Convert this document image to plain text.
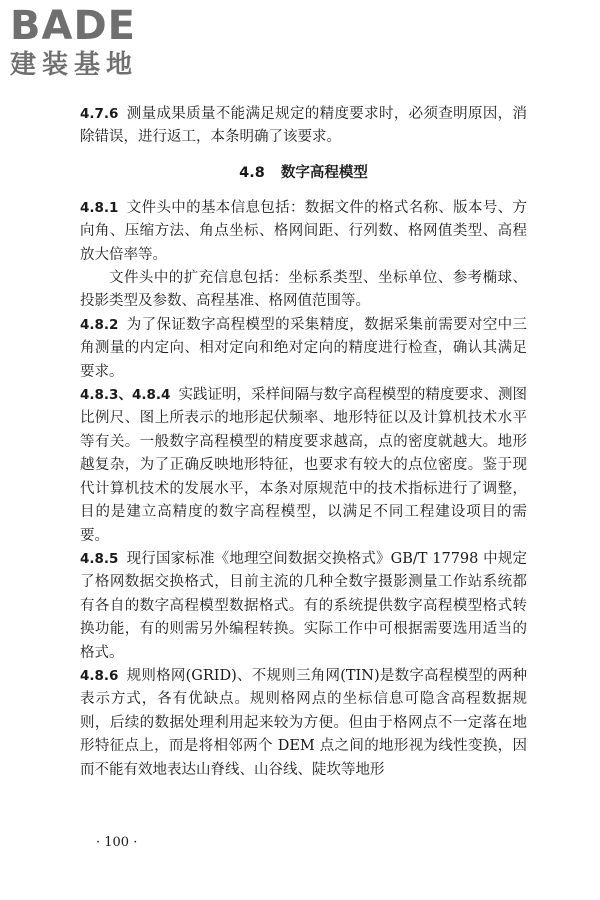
BADE
建装基地

4.7.6 测量成果质量不能满足规定的精度要求时，必须查明原因，消除错误，进行返工，本条明确了该要求。

4.8 数字高程模型

4.8.1 文件头中的基本信息包括：数据文件的格式名称、版本号、方向角、压缩方法、角点坐标、格网间距、行列数、格网值类型、高程放大倍率等。

文件头中的扩充信息包括：坐标系类型、坐标单位、参考椭球、投影类型及参数、高程基准、格网值范围等。

4.8.2 为了保证数字高程模型的采集精度，数据采集前需要对空中三角测量的内定向、相对定向和绝对定向的精度进行检查，确认其满足要求。

4.8.3、4.8.4 实践证明，采样间隔与数字高程模型的精度要求、测图比例尺、图上所表示的地形起伏频率、地形特征以及计算机技术水平等有关。一般数字高程模型的精度要求越高，点的密度就越大。地形越复杂，为了正确反映地形特征，也要求有较大的点位密度。鉴于现代计算机技术的发展水平，本条对原规范中的技术指标进行了调整，目的是建立高精度的数字高程模型，以满足不同工程建设项目的需要。

4.8.5 现行国家标准《地理空间数据交换格式》GB/T 17798 中规定了格网数据交换格式，目前主流的几种全数字摄影测量工作站系统都有各自的数字高程模型数据格式。有的系统提供数字高程模型格式转换功能，有的则需另外编程转换。实际工作中可根据需要选用适当的格式。

4.8.6 规则格网(GRID)、不规则三角网(TIN)是数字高程模型的两种表示方式，各有优缺点。规则格网点的坐标信息可隐含高程数据规则，后续的数据处理利用起来较为方便。但由于格网点不一定落在地形特征点上，而是将相邻两个 DEM 点之间的地形视为线性变换，因而不能有效地表达山脊线、山谷线、陡坎等地形

· 100 ·
